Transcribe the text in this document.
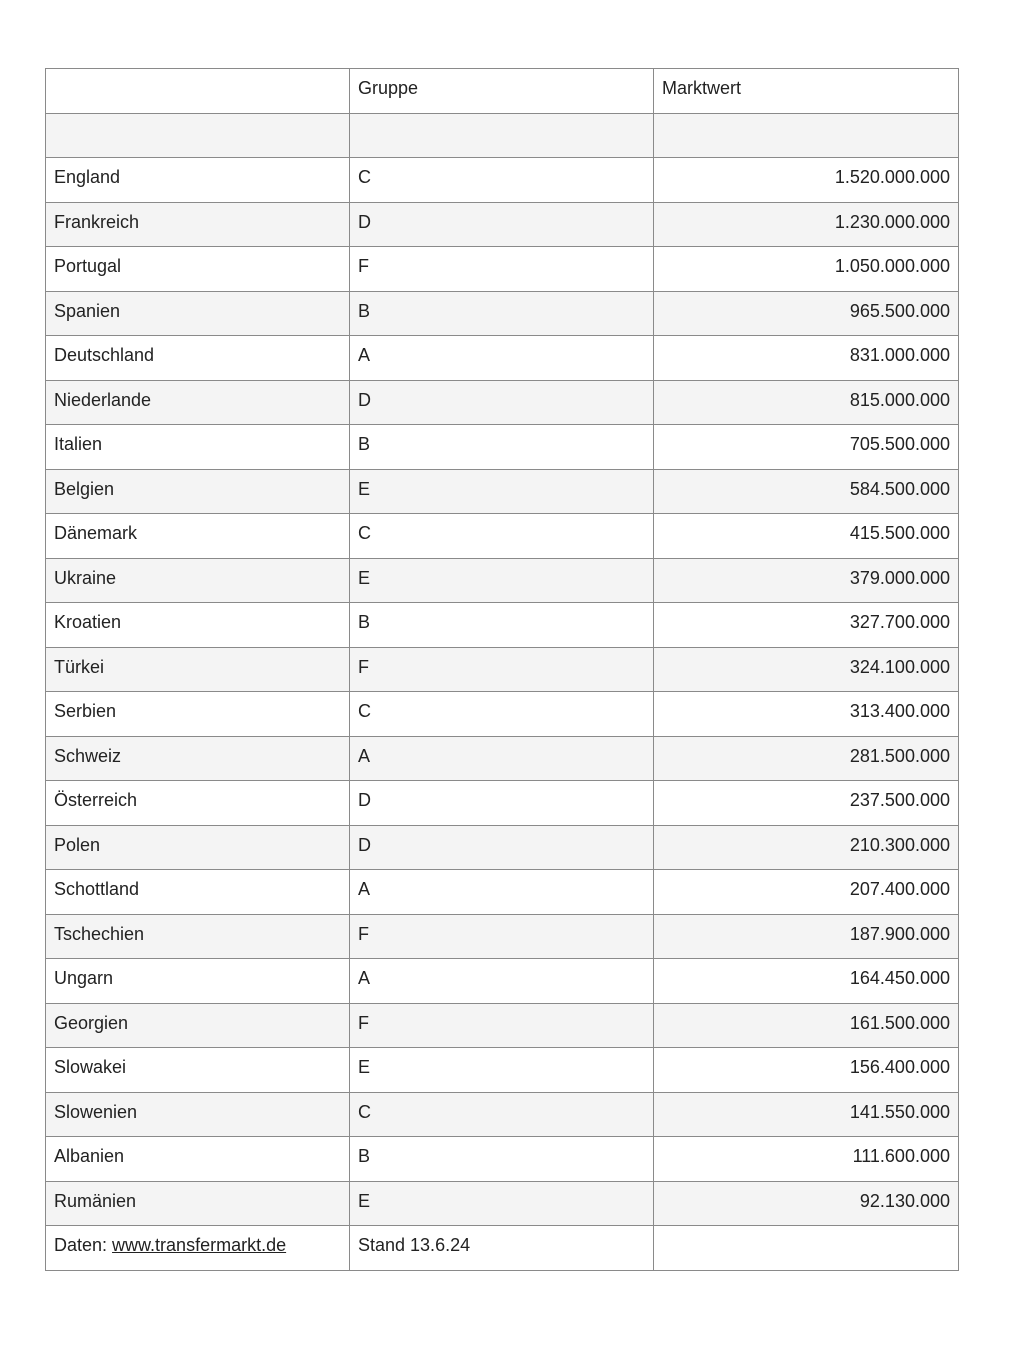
	Gruppe	Marktwert

England	C	1.520.000.000
Frankreich	D	1.230.000.000
Portugal	F	1.050.000.000
Spanien	B	965.500.000
Deutschland	A	831.000.000
Niederlande	D	815.000.000
Italien	B	705.500.000
Belgien	E	584.500.000
Dänemark	C	415.500.000
Ukraine	E	379.000.000
Kroatien	B	327.700.000
Türkei	F	324.100.000
Serbien	C	313.400.000
Schweiz	A	281.500.000
Österreich	D	237.500.000
Polen	D	210.300.000
Schottland	A	207.400.000
Tschechien	F	187.900.000
Ungarn	A	164.450.000
Georgien	F	161.500.000
Slowakei	E	156.400.000
Slowenien	C	141.550.000
Albanien	B	111.600.000
Rumänien	E	92.130.000
Daten: www.transfermarkt.de	Stand 13.6.24	
